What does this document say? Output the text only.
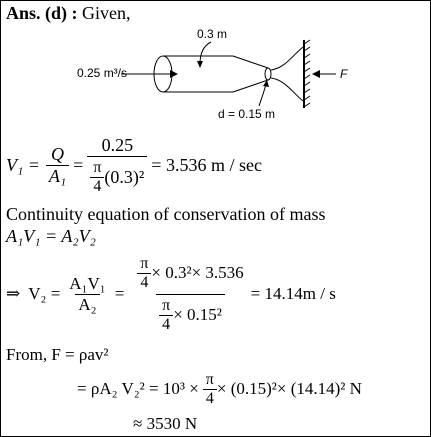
Ans. (d) : Given,
0.25 m³/s
0.3 m
d = 0.15 m
F
$V_1 = \frac{Q}{\text{A₁}} = \frac{0.25}{\frac{\pi}{4} (0.3)^2} = 3.536$ m / sec
Continuity equation of conservation of mass
A₁V₁ = A₂V₂
⇒ $V_2 = \frac{\text{A₁V₁}}{\text{A₂}} = \frac{\frac{\pi}{4} \times 0.3^2\times 3.536}{\frac{\pi}{4} \times 0.15^2} = 14.14m / s$
From, F = ρav²
= ρA₂ $V_2^2 = 10^3 \times \frac{\pi}{4} \times (0.15)^2\times (14.14)^2$ N
≈ 3530 N
